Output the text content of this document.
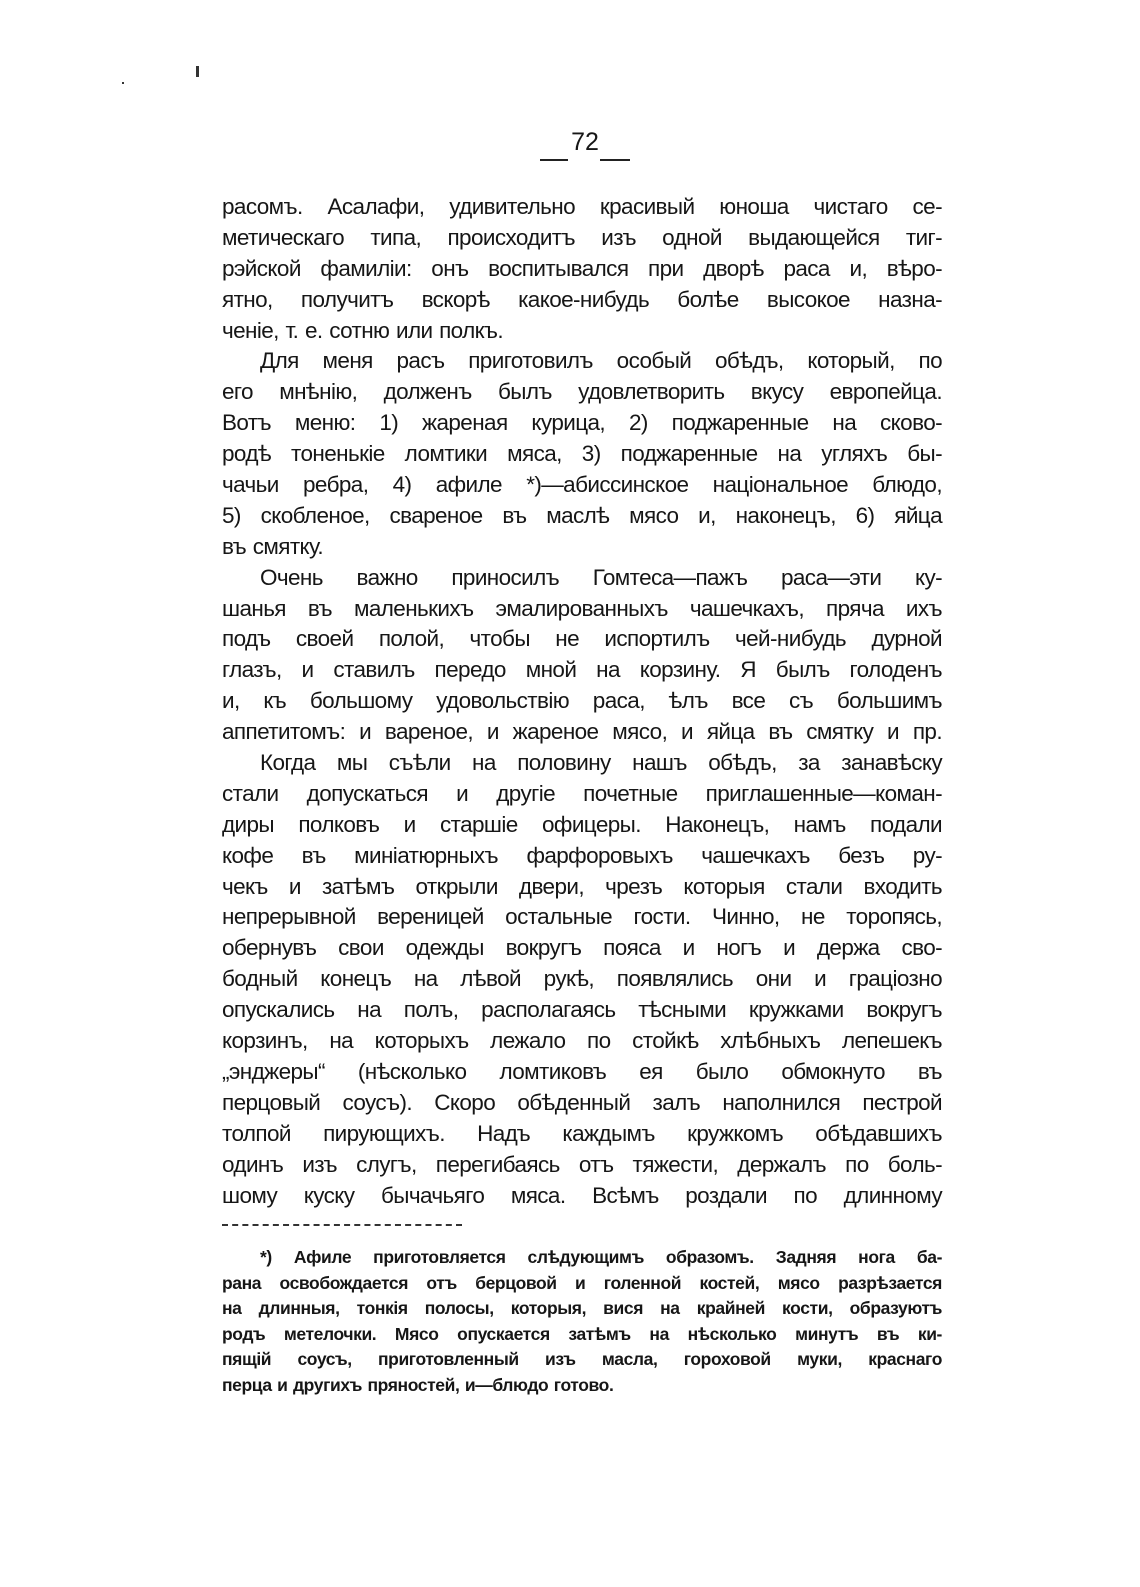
72
расомъ. Асалафи, удивительно красивый юноша чистаго се-
метическаго типа, происходитъ изъ одной выдающейся тиг-
рэйской фамиліи: онъ воспитывался при дворѣ раса и, вѣро-
ятно, получитъ вскорѣ какое-нибудь болѣе высокое назна-
ченіе, т. е. сотню или полкъ.
Для меня расъ приготовилъ особый обѣдъ, который, по
его мнѣнію, долженъ былъ удовлетворить вкусу европейца.
Вотъ меню: 1) жареная курица, 2) поджаренные на сково-
родѣ тоненькіе ломтики мяса, 3) поджаренные на угляхъ бы-
чачьи ребра, 4) афиле *)—абиссинское національное блюдо,
5) скобленое, свареное въ маслѣ мясо и, наконецъ, 6) яйца
въ смятку.
Очень важно приносилъ Гомтеса—пажъ раса—эти ку-
шанья въ маленькихъ эмалированныхъ чашечкахъ, пряча ихъ
подъ своей полой, чтобы не испортилъ чей-нибудь дурной
глазъ, и ставилъ передо мной на корзину. Я былъ голоденъ
и, къ большому удовольствію раса, ѣлъ все съ большимъ
аппетитомъ: и вареное, и жареное мясо, и яйца въ смятку и пр.
Когда мы съѣли на половину нашъ обѣдъ, за занавѣску
стали допускаться и другіе почетные приглашенные—коман-
диры полковъ и старшіе офицеры. Наконецъ, намъ подали
кофе въ миніатюрныхъ фарфоровыхъ чашечкахъ безъ ру-
чекъ и затѣмъ открыли двери, чрезъ которыя стали входить
непрерывной вереницей остальные гости. Чинно, не торопясь,
обернувъ свои одежды вокругъ пояса и ногъ и держа сво-
бодный конецъ на лѣвой рукѣ, появлялись они и граціозно
опускались на полъ, располагаясь тѣсными кружками вокругъ
корзинъ, на которыхъ лежало по стойкѣ хлѣбныхъ лепешекъ
„энджеры“ (нѣсколько ломтиковъ ея было обмокнуто въ
перцовый соусъ). Скоро обѣденный залъ наполнился пестрой
толпой пирующихъ. Надъ каждымъ кружкомъ обѣдавшихъ
одинъ изъ слугъ, перегибаясь отъ тяжести, держалъ по боль-
шому куску бычачьяго мяса. Всѣмъ роздали по длинному
*) Афиле приготовляется слѣдующимъ образомъ. Задняя нога ба-
рана освобождается отъ берцовой и голенной костей, мясо разрѣзается
на длинныя, тонкія полосы, которыя, вися на крайней кости, образуютъ
родъ метелочки. Мясо опускается затѣмъ на нѣсколько минутъ въ ки-
пящій соусъ, приготовленный изъ масла, гороховой муки, краснаго
перца и другихъ пряностей, и—блюдо готово.
